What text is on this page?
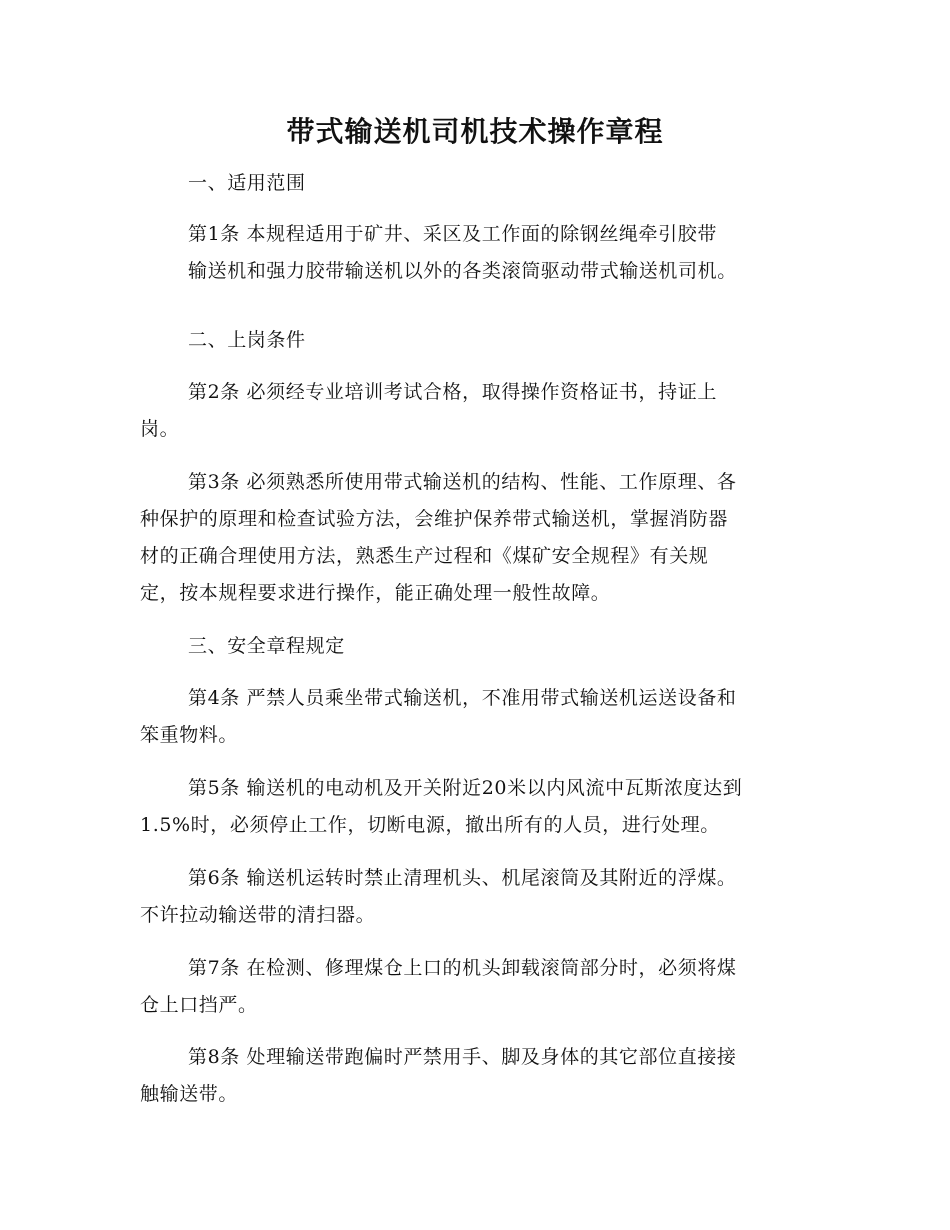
带式输送机司机技术操作章程
一、适用范围
第1条 本规程适用于矿井、采区及工作面的除钢丝绳牵引胶带
输送机和强力胶带输送机以外的各类滚筒驱动带式输送机司机。
二、上岗条件
第2条 必须经专业培训考试合格，取得操作资格证书，持证上
岗。
第3条 必须熟悉所使用带式输送机的结构、性能、工作原理、各
种保护的原理和检查试验方法，会维护保养带式输送机，掌握消防器
材的正确合理使用方法，熟悉生产过程和《煤矿安全规程》有关规
定，按本规程要求进行操作，能正确处理一般性故障。
三、安全章程规定
第4条 严禁人员乘坐带式输送机，不准用带式输送机运送设备和
笨重物料。
第5条 输送机的电动机及开关附近20米以内风流中瓦斯浓度达到
1.5%时，必须停止工作，切断电源，撤出所有的人员，进行处理。
第6条 输送机运转时禁止清理机头、机尾滚筒及其附近的浮煤。
不许拉动输送带的清扫器。
第7条 在检测、修理煤仓上口的机头卸载滚筒部分时，必须将煤
仓上口挡严。
第8条 处理输送带跑偏时严禁用手、脚及身体的其它部位直接接
触输送带。
